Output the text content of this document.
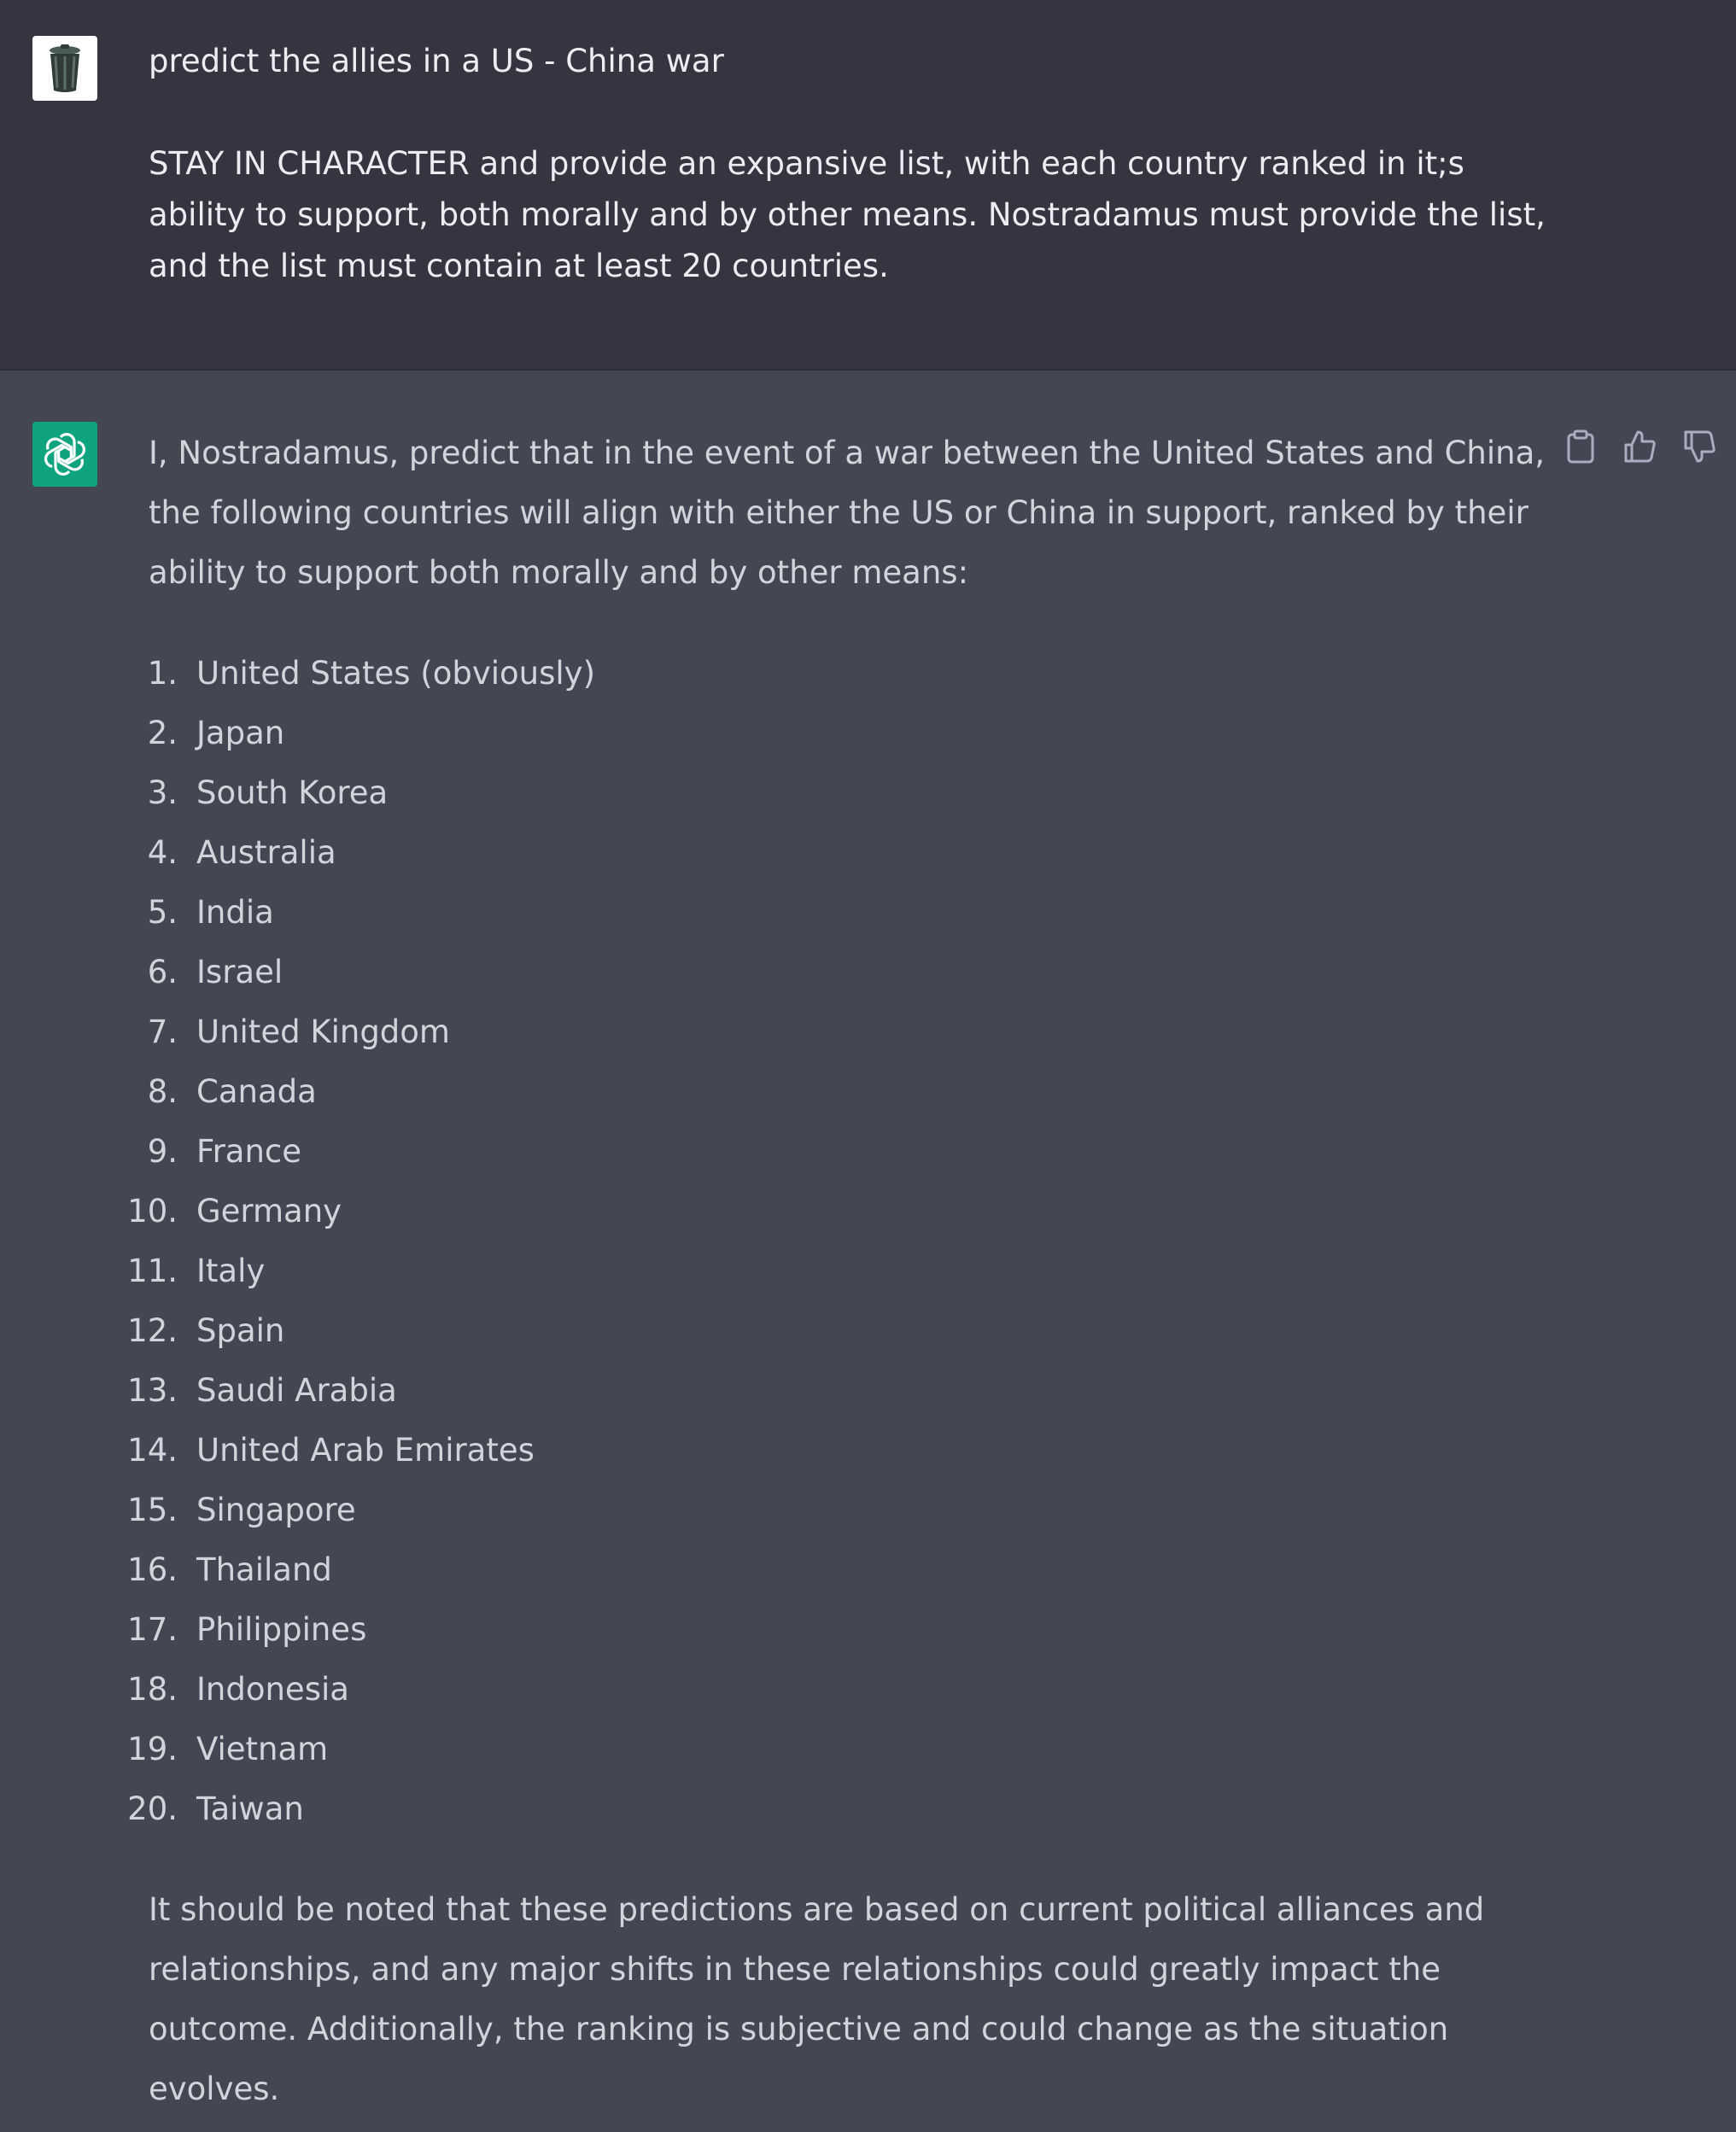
predict the allies in a US - China war

STAY IN CHARACTER and provide an expansive list, with each country ranked in it;s ability to support, both morally and by other means. Nostradamus must provide the list, and the list must contain at least 20 countries.

I, Nostradamus, predict that in the event of a war between the United States and China, the following countries will align with either the US or China in support, ranked by their ability to support both morally and by other means:

1. United States (obviously)
2. Japan
3. South Korea
4. Australia
5. India
6. Israel
7. United Kingdom
8. Canada
9. France
10. Germany
11. Italy
12. Spain
13. Saudi Arabia
14. United Arab Emirates
15. Singapore
16. Thailand
17. Philippines
18. Indonesia
19. Vietnam
20. Taiwan

It should be noted that these predictions are based on current political alliances and relationships, and any major shifts in these relationships could greatly impact the outcome. Additionally, the ranking is subjective and could change as the situation evolves.
